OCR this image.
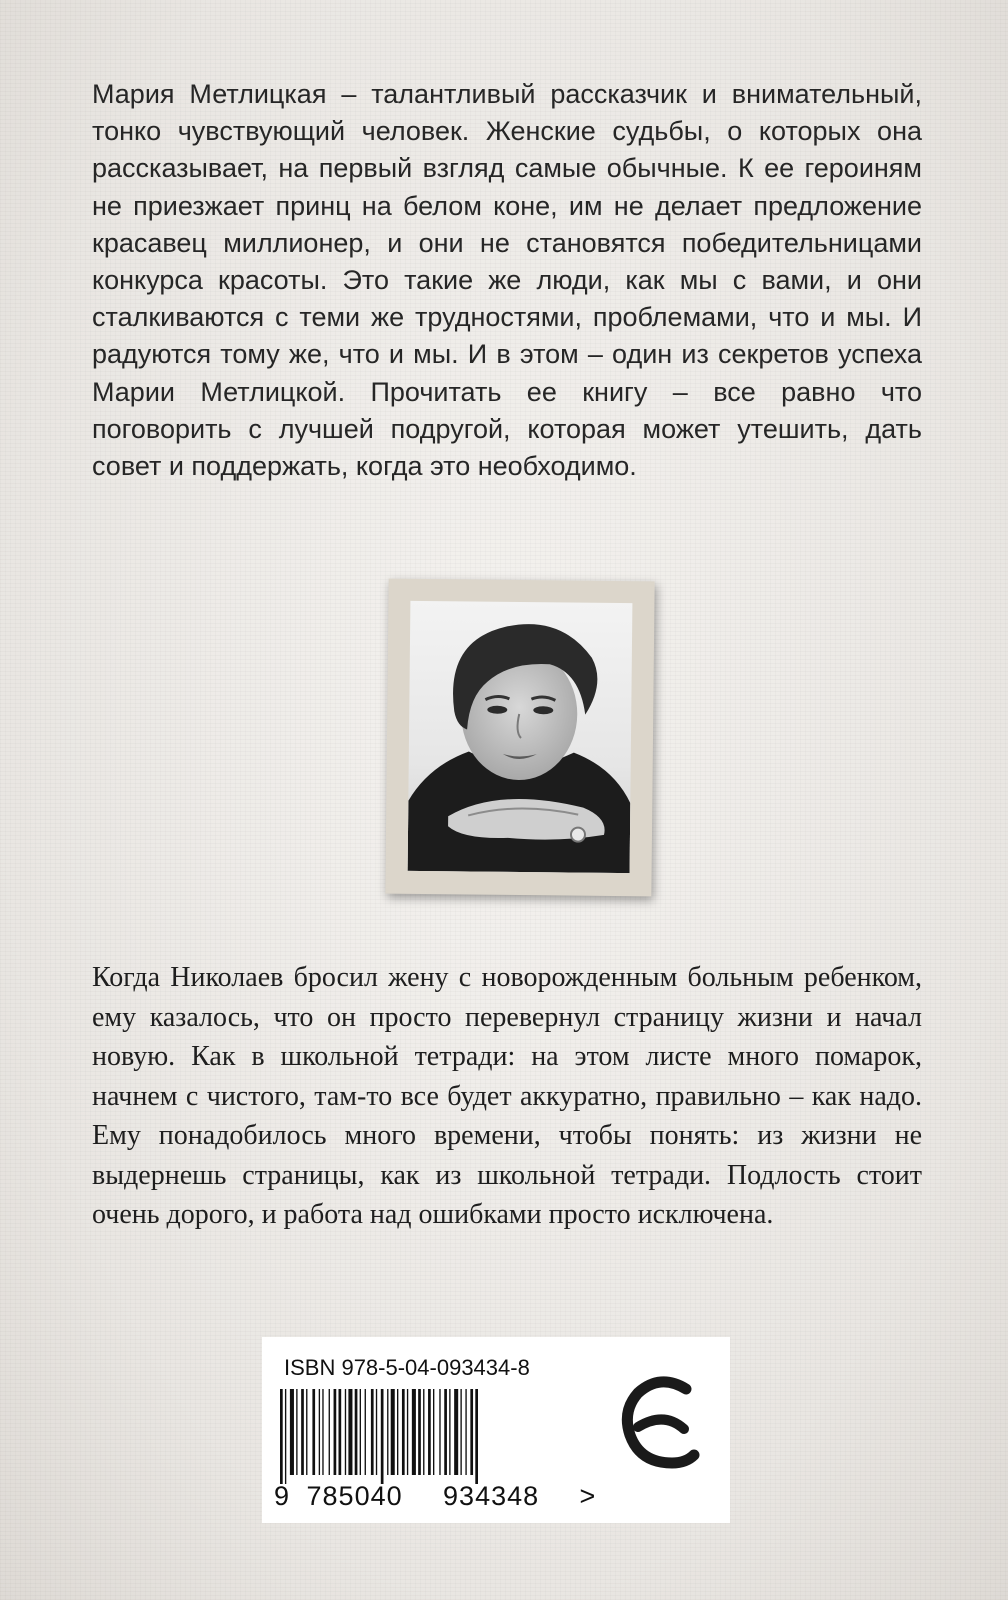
Мария Метлицкая – талантливый рассказчик и внимательный, тонко чувствующий человек. Женские судьбы, о которых она рассказывает, на первый взгляд самые обычные. К ее героиням не приезжает принц на белом коне, им не делает предложение красавец миллионер, и они не становятся победительницами конкурса красоты. Это такие же люди, как мы с вами, и они сталкиваются с теми же трудностями, проблемами, что и мы. И радуются тому же, что и мы. И в этом – один из секретов успеха Марии Метлицкой. Прочитать ее книгу – все равно что поговорить с лучшей подругой, которая может утешить, дать совет и поддержать, когда это необходимо.

Когда Николаев бросил жену с новорожденным больным ребенком, ему казалось, что он просто перевернул страницу жизни и начал новую. Как в школьной тетради: на этом листе много помарок, начнем с чистого, там-то все будет аккуратно, правильно – как надо. Ему понадобилось много времени, чтобы понять: из жизни не выдернешь страницы, как из школьной тетради. Подлость стоит очень дорого, и работа над ошибками просто исключена.

ISBN 978-5-04-093434-8
9 785040 934348 >
